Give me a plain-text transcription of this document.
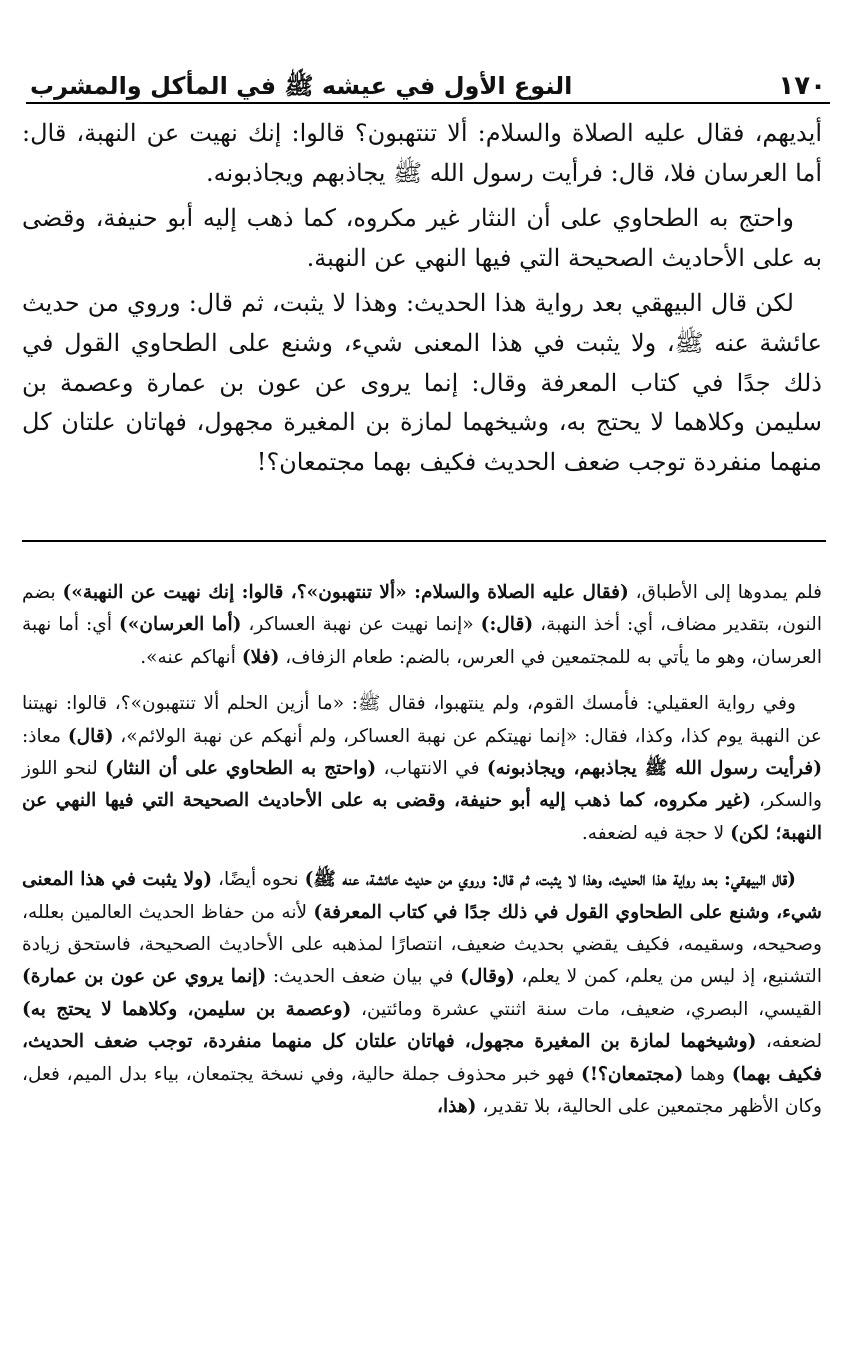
١٧٠
النوع الأول في عيشه ﷺ في المأكل والمشرب

أيديهم، فقال عليه الصلاة والسلام: ألا تنتهبون؟ قالوا: إنك نهيت عن النهبة، قال: أما العرسان فلا، قال: فرأيت رسول الله ﷺ يجاذبهم ويجاذبونه.

واحتج به الطحاوي على أن النثار غير مكروه، كما ذهب إليه أبو حنيفة، وقضى به على الأحاديث الصحيحة التي فيها النهي عن النهبة.

لكن قال البيهقي بعد رواية هذا الحديث: وهذا لا يثبت، ثم قال: وروي من حديث عائشة عنه ﷺ، ولا يثبت في هذا المعنى شيء، وشنع على الطحاوي القول في ذلك جدًا في كتاب المعرفة وقال: إنما يروى عن عون بن عمارة وعصمة بن سليمن وكلاهما لا يحتج به، وشيخهما لمازة بن المغيرة مجهول، فهاتان علتان كل منهما منفردة توجب ضعف الحديث فكيف بهما مجتمعان؟!

فلم يمدوها إلى الأطباق، (فقال عليه الصلاة والسلام: «ألا تنتهبون»؟، قالوا: إنك نهيت عن النهبة») بضم النون، بتقدير مضاف، أي: أخذ النهبة، (قال:) «إنما نهيت عن نهبة العساكر، (أما العرسان») أي: أما نهبة العرسان، وهو ما يأتي به للمجتمعين في العرس، بالضم: طعام الزفاف، (فلا) أنهاكم عنه».

وفي رواية العقيلي: فأمسك القوم، ولم ينتهبوا، فقال ﷺ: «ما أزين الحلم ألا تنتهبون»؟، قالوا: نهيتنا عن النهبة يوم كذا، وكذا، فقال: «إنما نهيتكم عن نهبة العساكر، ولم أنهكم عن نهبة الولائم»، (قال) معاذ: (فرأيت رسول الله ﷺ يجاذبهم، ويجاذبونه) في الانتهاب، (واحتج به الطحاوي على أن النثار) لنحو اللوز والسكر، (غير مكروه، كما ذهب إليه أبو حنيفة، وقضى به على الأحاديث الصحيحة التي فيها النهي عن النهبة؛ لكن) لا حجة فيه لضعفه.

(قال البيهقي: بعد رواية هذا الحديث، وهذا لا يثبت، ثم قال: وروي من حديث عائشة، عنه ﷺ) نحوه أيضًا، (ولا يثبت في هذا المعنى شيء، وشنع على الطحاوي القول في ذلك جدًا في كتاب المعرفة) لأنه من حفاظ الحديث العالمين بعلله، وصحيحه، وسقيمه، فكيف يقضي بحديث ضعيف، انتصارًا لمذهبه على الأحاديث الصحيحة، فاستحق زيادة التشنيع، إذ ليس من يعلم، كمن لا يعلم، (وقال) في بيان ضعف الحديث: (إنما يروي عن عون بن عمارة) القيسي، البصري، ضعيف، مات سنة اثنتي عشرة ومائتين، (وعصمة بن سليمن، وكلاهما لا يحتج به) لضعفه، (وشيخهما لمازة بن المغيرة مجهول، فهاتان علتان كل منهما منفردة، توجب ضعف الحديث، فكيف بهما) وهما (مجتمعان؟!) فهو خبر محذوف جملة حالية، وفي نسخة يجتمعان، بياء بدل الميم، فعل، وكان الأظهر مجتمعين على الحالية، بلا تقدير، (هذا،
